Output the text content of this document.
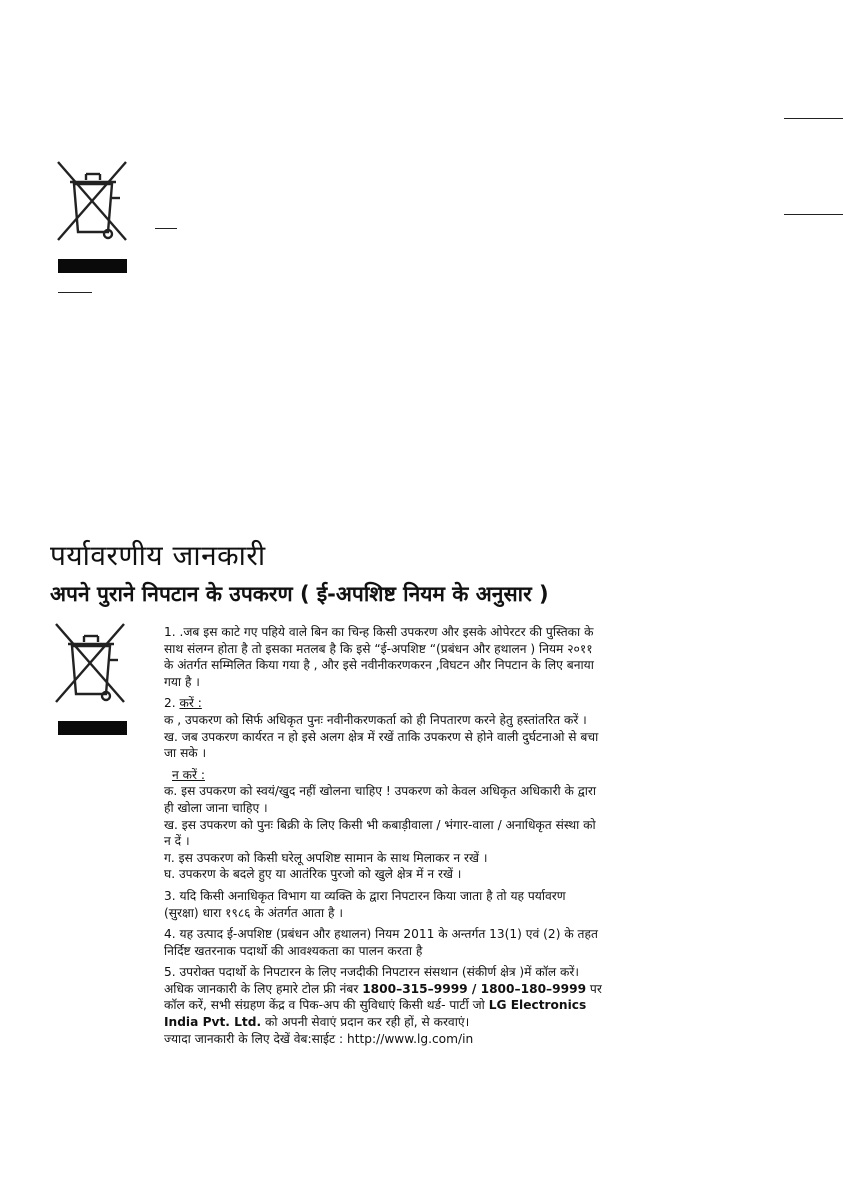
पर्यावरणीय जानकारी
अपने पुराने निपटान के उपकरण ( ई-अपशिष्ट नियम के अनुसार )

1. .जब इस काटे गए पहिये वाले बिन का चिन्ह किसी उपकरण और इसके ओपेरटर की पुस्तिका के साथ संलग्न होता है तो इसका मतलब है कि इसे “ई-अपशिष्ट “(प्रबंधन और हथालन ) नियम २०११ के अंतर्गत सम्मिलित किया गया है , और इसे नवीनीकरणकरन ,विघटन और निपटान के लिए बनाया गया है ।

2. करें :

क , उपकरण को सिर्फ अधिकृत पुनः नवीनीकरणकर्ता को ही निपतारण करने हेतु हस्तांतरित करें ।

ख. जब उपकरण कार्यरत न हो इसे अलग क्षेत्र में रखें ताकि उपकरण से होने वाली दुर्घटनाओ से बचा जा सके ।

न करें :

क. इस उपकरण को स्वयं/खुद नहीं खोलना चाहिए ! उपकरण को केवल अधिकृत अधिकारी के द्वारा ही खोला जाना चाहिए ।

ख. इस उपकरण को पुनः बिक्री के लिए किसी भी कबाड़ीवाला / भंगार-वाला / अनाधिकृत संस्था को न दें ।

ग. इस उपकरण को किसी घरेलू अपशिष्ट सामान के साथ मिलाकर न रखें ।

घ. उपकरण के बदले हुए या आतंरिक पुरजो को खुले क्षेत्र में न रखें ।

3. यदि किसी अनाधिकृत विभाग या व्यक्ति के द्वारा निपटारन किया जाता है तो यह पर्यावरण (सुरक्षा) धारा १९८६ के अंतर्गत आता है ।

4. यह उत्पाद ई-अपशिष्ट (प्रबंधन और हथालन) नियम 2011 के अन्तर्गत 13(1) एवं (2) के तहत निर्दिष्ट खतरनाक पदार्थो की आवश्यकता का पालन करता है

5. उपरोक्त पदार्थो के निपटारन के लिए नजदीकी निपटारन संसथान (संकीर्ण क्षेत्र )में कॉल करें। अधिक जानकारी के लिए हमारे टोल फ्री नंबर 1800–315–9999 / 1800–180–9999 पर कॉल करें, सभी संग्रहण केंद्र व पिक-अप की सुविधाएं किसी थर्ड- पार्टी जो LG Electronics India Pvt. Ltd. को अपनी सेवाएं प्रदान कर रही हों, से करवाएं।

ज्यादा जानकारी के लिए देखें वेब:साईट : http://www.lg.com/in
